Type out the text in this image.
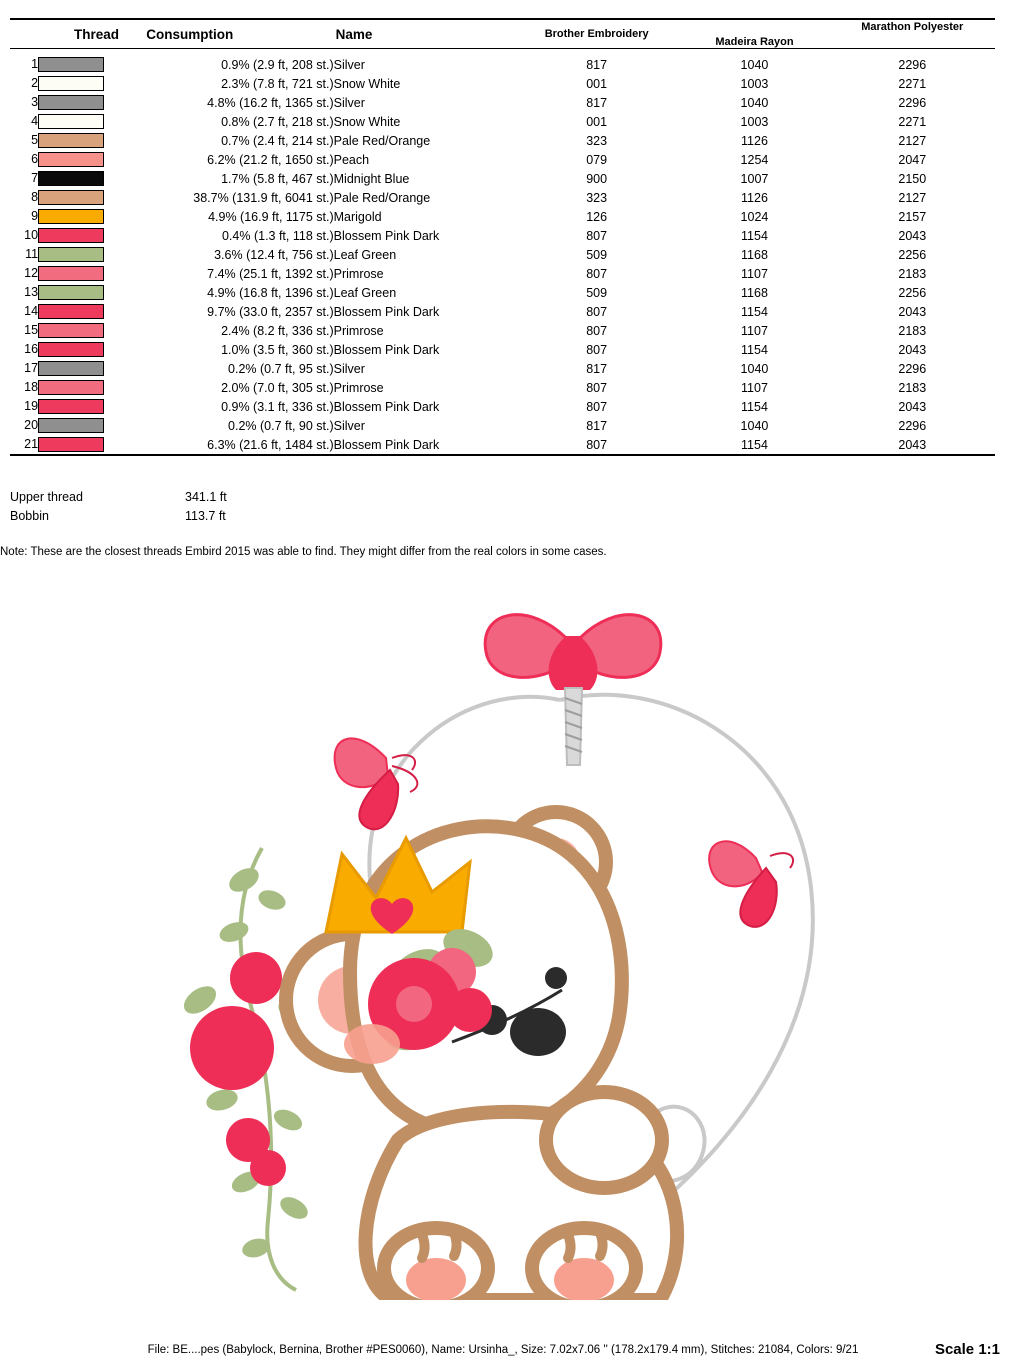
	Thread	Consumption	Name	Brother Embroidery	Madeira Rayon	Marathon Polyester

1		0.9% (2.9 ft, 208 st.)	Silver	817	1040	2296
2		2.3% (7.8 ft, 721 st.)	Snow White	001	1003	2271
3		4.8% (16.2 ft, 1365 st.)	Silver	817	1040	2296
4		0.8% (2.7 ft, 218 st.)	Snow White	001	1003	2271
5		0.7% (2.4 ft, 214 st.)	Pale Red/Orange	323	1126	2127
6		6.2% (21.2 ft, 1650 st.)	Peach	079	1254	2047
7		1.7% (5.8 ft, 467 st.)	Midnight Blue	900	1007	2150
8		38.7% (131.9 ft, 6041 st.)	Pale Red/Orange	323	1126	2127
9		4.9% (16.9 ft, 1175 st.)	Marigold	126	1024	2157
10		0.4% (1.3 ft, 118 st.)	Blossem Pink Dark	807	1154	2043
11		3.6% (12.4 ft, 756 st.)	Leaf Green	509	1168	2256
12		7.4% (25.1 ft, 1392 st.)	Primrose	807	1107	2183
13		4.9% (16.8 ft, 1396 st.)	Leaf Green	509	1168	2256
14		9.7% (33.0 ft, 2357 st.)	Blossem Pink Dark	807	1154	2043
15		2.4% (8.2 ft, 336 st.)	Primrose	807	1107	2183
16		1.0% (3.5 ft, 360 st.)	Blossem Pink Dark	807	1154	2043
17		0.2% (0.7 ft, 95 st.)	Silver	817	1040	2296
18		2.0% (7.0 ft, 305 st.)	Primrose	807	1107	2183
19		0.9% (3.1 ft, 336 st.)	Blossem Pink Dark	807	1154	2043
20		0.2% (0.7 ft, 90 st.)	Silver	817	1040	2296
21		6.3% (21.6 ft, 1484 st.)	Blossem Pink Dark	807	1154	2043

Upper thread	341.1 ft
Bobbin	113.7 ft
Note: These are the closest threads Embird 2015 was able to find. They might differ from the real colors in some cases.
File: BE....pes (Babylock, Bernina, Brother #PES0060), Name: Ursinha_, Size: 7.02x7.06 '' (178.2x179.4 mm), Stitches: 21084, Colors: 9/21	Scale 1:1
